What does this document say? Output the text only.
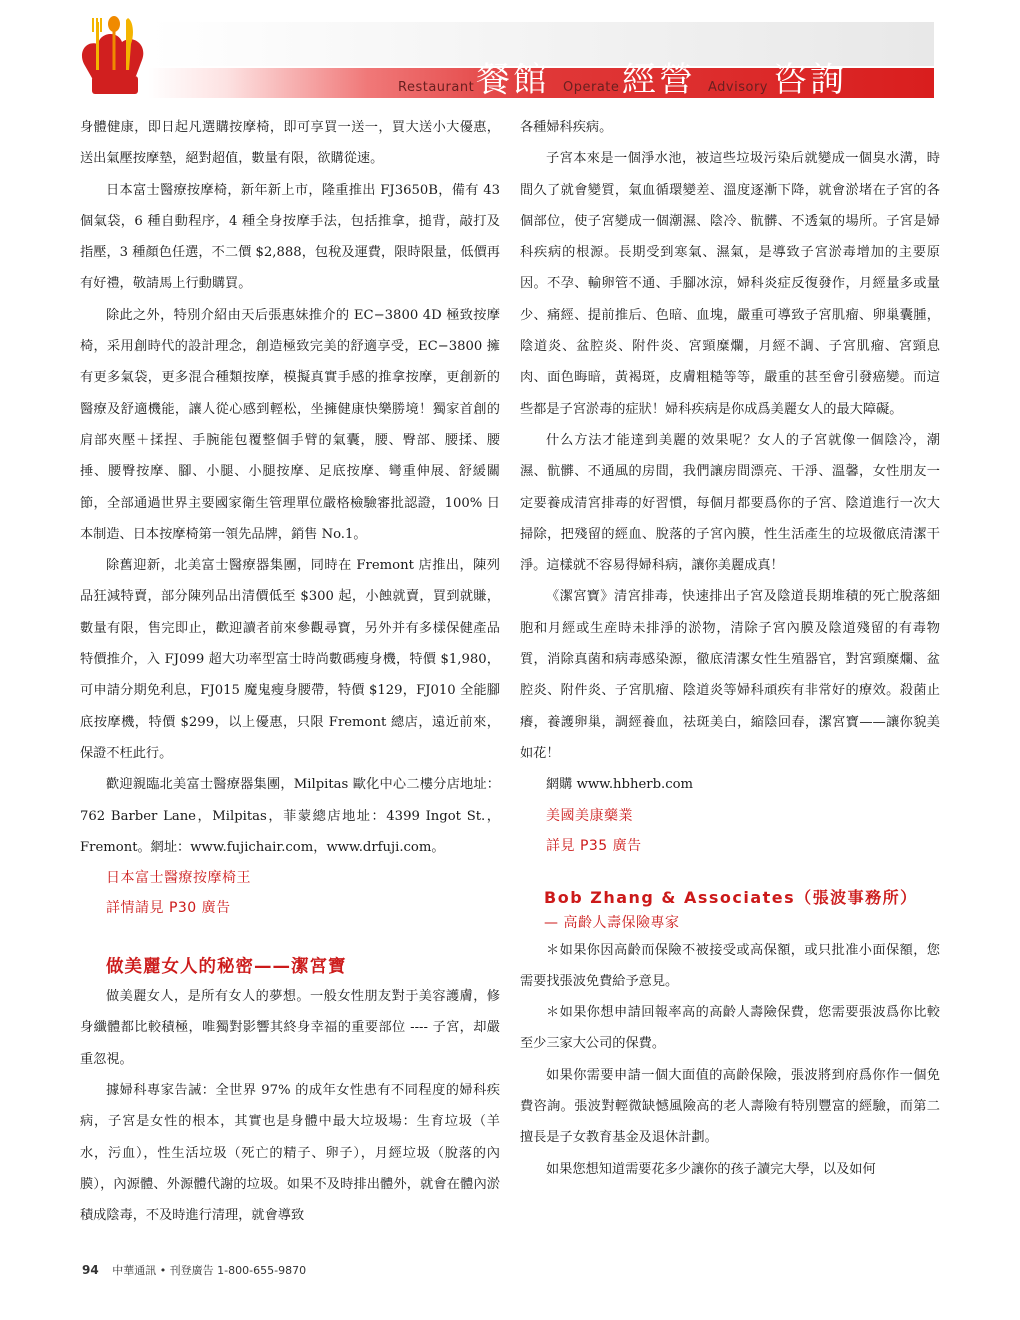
Restaurant 餐館 Operate 經營 Advisory 咨詢

身體健康，即日起凡選購按摩椅，即可享買一送一，買大送小大優惠，送出氣壓按摩墊，絕對超值，數量有限，欲購從速。

日本富士醫療按摩椅，新年新上市，隆重推出 FJ3650B，備有 43 個氣袋，6 種自動程序，4 種全身按摩手法，包括推拿，搥背，敲打及指壓，3 種顏色任選，不二價 $2,888，包稅及運費，限時限量，低價再有好禮，敬請馬上行動購買。

除此之外，特別介紹由天后張惠妹推介的 EC−3800 4D 極致按摩椅，采用創時代的設計理念，創造極致完美的舒適享受，EC−3800 擁有更多氣袋，更多混合種類按摩，模擬真實手感的推拿按摩，更創新的醫療及舒適機能，讓人從心感到輕松，坐擁健康快樂勝境！獨家首創的肩部夾壓＋揉捏、手腕能包覆整個手臂的氣囊，腰、臀部、腰揉、腰捶、腰臀按摩、腳、小腿、小腿按摩、足底按摩、彎重伸展、舒緩關節，全部通過世界主要國家衛生管理單位嚴格檢驗審批認證，100% 日本制造、日本按摩椅第一領先品牌，銷售 No.1。

除舊迎新，北美富士醫療器集團，同時在 Fremont 店推出，陳列品狂減特賣，部分陳列品出清價低至 $300 起，小蝕就賣，買到就賺，數量有限，售完即止，歡迎讀者前來參觀尋寶，另外并有多樣保健產品特價推介，入 FJ099 超大功率型富士時尚數碼瘦身機，特價 $1,980，可申請分期免利息，FJ015 魔鬼瘦身腰帶，特價 $129，FJ010 全能腳底按摩機，特價 $299，以上優惠，只限 Fremont 總店，遠近前來，保證不枉此行。

歡迎親臨北美富士醫療器集團，Milpitas 歐化中心二樓分店地址：762 Barber Lane，Milpitas，菲蒙總店地址：4399 Ingot St.，Fremont。網址：www.fujichair.com，www.drfuji.com。

日本富士醫療按摩椅王
詳情請見 P30 廣告
做美麗女人的秘密——潔宮寶

做美麗女人，是所有女人的夢想。一般女性朋友對于美容護膚，修身纖體都比較積極，唯獨對影響其終身幸福的重要部位 ---- 子宮，却嚴重忽視。

據婦科專家告誡：全世界 97% 的成年女性患有不同程度的婦科疾病，子宮是女性的根本，其實也是身體中最大垃圾場：生育垃圾（羊水，污血），性生活垃圾（死亡的精子、卵子），月經垃圾（脫落的內膜），內源體、外源體代謝的垃圾。如果不及時排出體外，就會在體內淤積成陰毒，不及時進行清理，就會導致

各種婦科疾病。

子宮本來是一個淨水池，被這些垃圾污染后就變成一個臭水溝，時間久了就會變質，氣血循環變差、溫度逐漸下降，就會淤堵在子宮的各個部位，使子宮變成一個潮濕、陰冷、骯髒、不透氣的場所。子宮是婦科疾病的根源。長期受到寒氣、濕氣，是導致子宮淤毒增加的主要原因。不孕、輸卵管不通、手腳冰涼，婦科炎症反復發作，月經量多或量少、痛經、提前推后、色暗、血塊，嚴重可導致子宮肌瘤、卵巢囊腫，陰道炎、盆腔炎、附件炎、宮頸糜爛，月經不調、子宮肌瘤、宮頸息肉、面色晦暗，黃褐斑，皮膚粗糙等等，嚴重的甚至會引發癌變。而這些都是子宮淤毒的症狀！婦科疾病是你成爲美麗女人的最大障礙。

什么方法才能達到美麗的效果呢？女人的子宮就像一個陰冷，潮濕、骯髒、不通風的房間，我們讓房間漂亮、干淨、溫馨，女性朋友一定要養成清宮排毒的好習慣，每個月都要爲你的子宮、陰道進行一次大掃除，把殘留的經血、脫落的子宮內膜，性生活產生的垃圾徹底清潔干淨。這樣就不容易得婦科病，讓你美麗成真！

《潔宮寶》清宮排毒，快速排出子宮及陰道長期堆積的死亡脫落細胞和月經或生産時未排淨的淤物，清除子宮內膜及陰道殘留的有毒物質，消除真菌和病毒感染源，徹底清潔女性生殖器官，對宮頸糜爛、盆腔炎、附件炎、子宮肌瘤、陰道炎等婦科頑疾有非常好的療效。殺菌止癢，養護卵巢，調經養血，祛斑美白，縮陰回春，潔宮寶——讓你貌美如花！

網購 www.hbherb.com

美國美康藥業
詳見 P35 廣告
Bob Zhang & Associates（張波事務所）
— 高齡人壽保險專家

＊如果你因高齡而保險不被接受或高保額，或只批准小面保額，您需要找張波免費給予意見。

＊如果你想申請回報率高的高齡人壽險保費，您需要張波爲你比較至少三家大公司的保費。

如果你需要申請一個大面值的高齡保險，張波將到府爲你作一個免費咨詢。張波對輕微缺憾風險高的老人壽險有特別豐富的經驗，而第二擅長是子女教育基金及退休計劃。

如果您想知道需要花多少讓你的孩子讀完大學，以及如何

94 中華通訊 • 刊登廣告 1-800-655-9870
